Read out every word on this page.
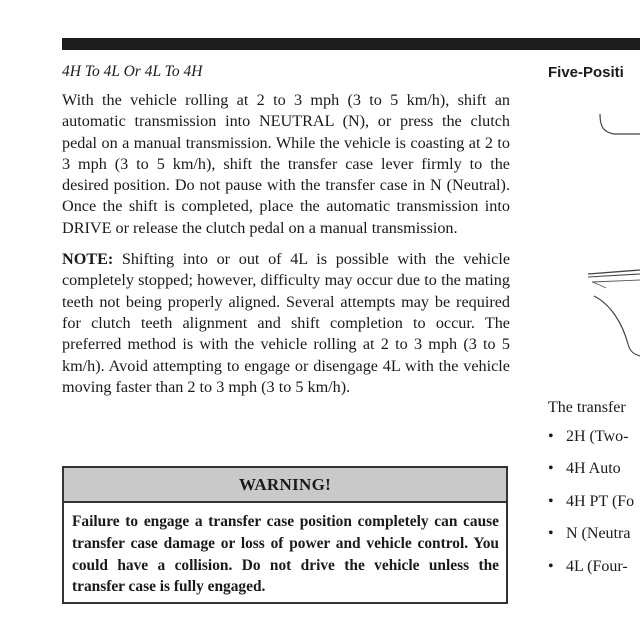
4H To 4L Or 4L To 4H

With the vehicle rolling at 2 to 3 mph (3 to 5 km/h), shift an automatic transmission into NEUTRAL (N), or press the clutch pedal on a manual transmission. While the vehicle is coasting at 2 to 3 mph (3 to 5 km/h), shift the transfer case lever firmly to the desired position. Do not pause with the transfer case in N (Neutral). Once the shift is completed, place the automatic transmission into DRIVE or release the clutch pedal on a manual transmission.

NOTE: Shifting into or out of 4L is possible with the vehicle completely stopped; however, difficulty may occur due to the mating teeth not being properly aligned. Several attempts may be required for clutch teeth alignment and shift completion to occur. The preferred method is with the vehicle rolling at 2 to 3 mph (3 to 5 km/h). Avoid attempting to engage or disengage 4L with the vehicle moving faster than 2 to 3 mph (3 to 5 km/h).

WARNING!
Failure to engage a transfer case position completely can cause transfer case damage or loss of power and vehicle control. You could have a collision. Do not drive the vehicle unless the transfer case is fully engaged.
Five-Positi
The transfer
• 2H (Two-
• 4H Auto
• 4H PT (Fo
• N (Neutra
• 4L (Four-
